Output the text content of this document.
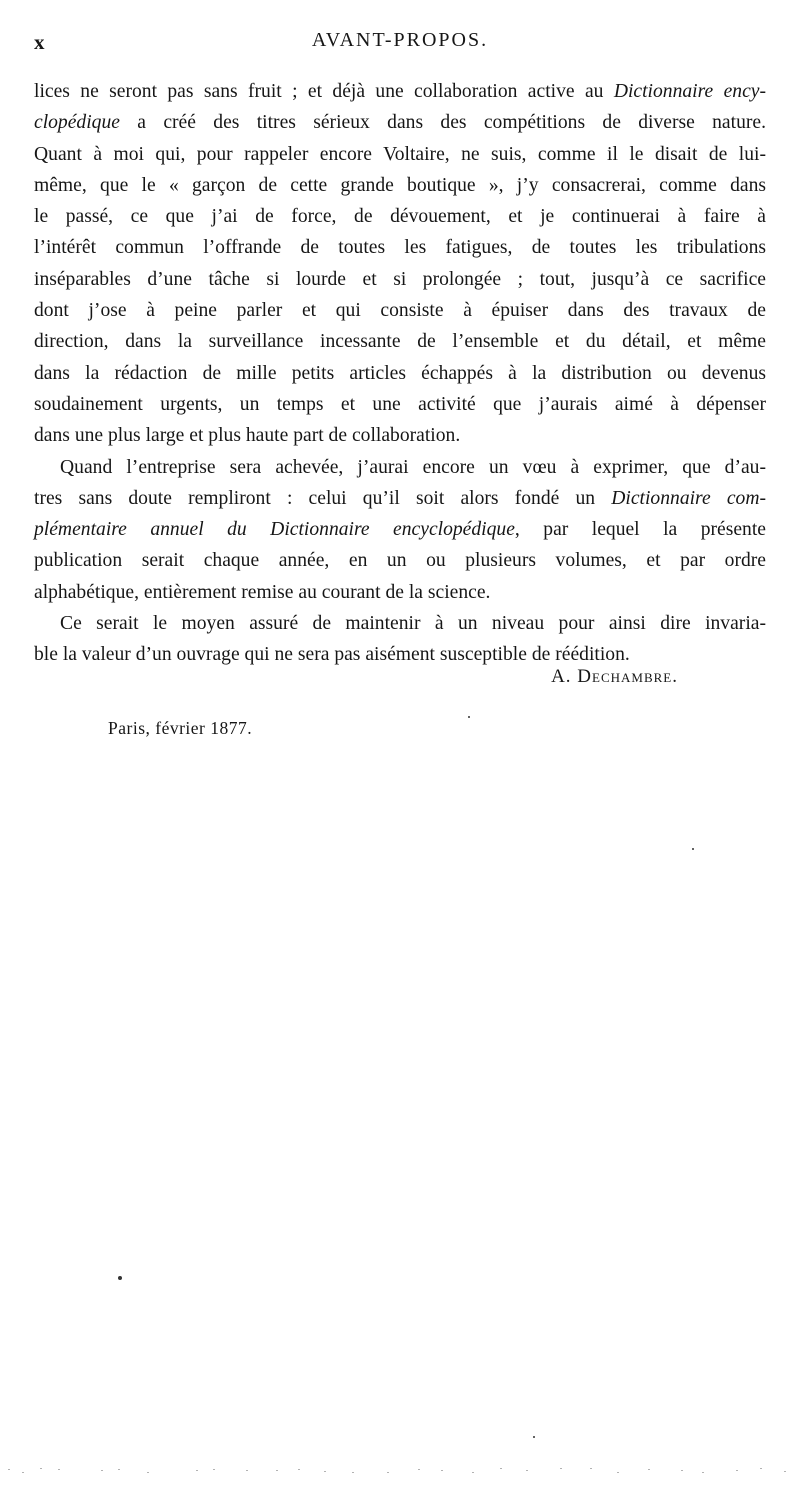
x	AVANT-PROPOS.
lices ne seront pas sans fruit ; et déjà une collaboration active au Dictionnaire ency-
clopédique a créé des titres sérieux dans des compétitions de diverse nature.
Quant à moi qui, pour rappeler encore Voltaire, ne suis, comme il le disait de lui-
même, que le « garçon de cette grande boutique », j’y consacrerai, comme dans
le passé, ce que j’ai de force, de dévouement, et je continuerai à faire à
l’intérêt commun l’offrande de toutes les fatigues, de toutes les tribulations
inséparables d’une tâche si lourde et si prolongée ; tout, jusqu’à ce sacrifice
dont j’ose à peine parler et qui consiste à épuiser dans des travaux de
direction, dans la surveillance incessante de l’ensemble et du détail, et même
dans la rédaction de mille petits articles échappés à la distribution ou devenus
soudainement urgents, un temps et une activité que j’aurais aimé à dépenser
dans une plus large et plus haute part de collaboration.
Quand l’entreprise sera achevée, j’aurai encore un vœu à exprimer, que d’au-
tres sans doute rempliront : celui qu’il soit alors fondé un Dictionnaire com-
plémentaire annuel du Dictionnaire encyclopédique, par lequel la présente
publication serait chaque année, en un ou plusieurs volumes, et par ordre
alphabétique, entièrement remise au courant de la science.
Ce serait le moyen assuré de maintenir à un niveau pour ainsi dire invaria-
ble la valeur d’un ouvrage qui ne sera pas aisément susceptible de réédition.
A. Dechambre.
Paris, février 1877.
